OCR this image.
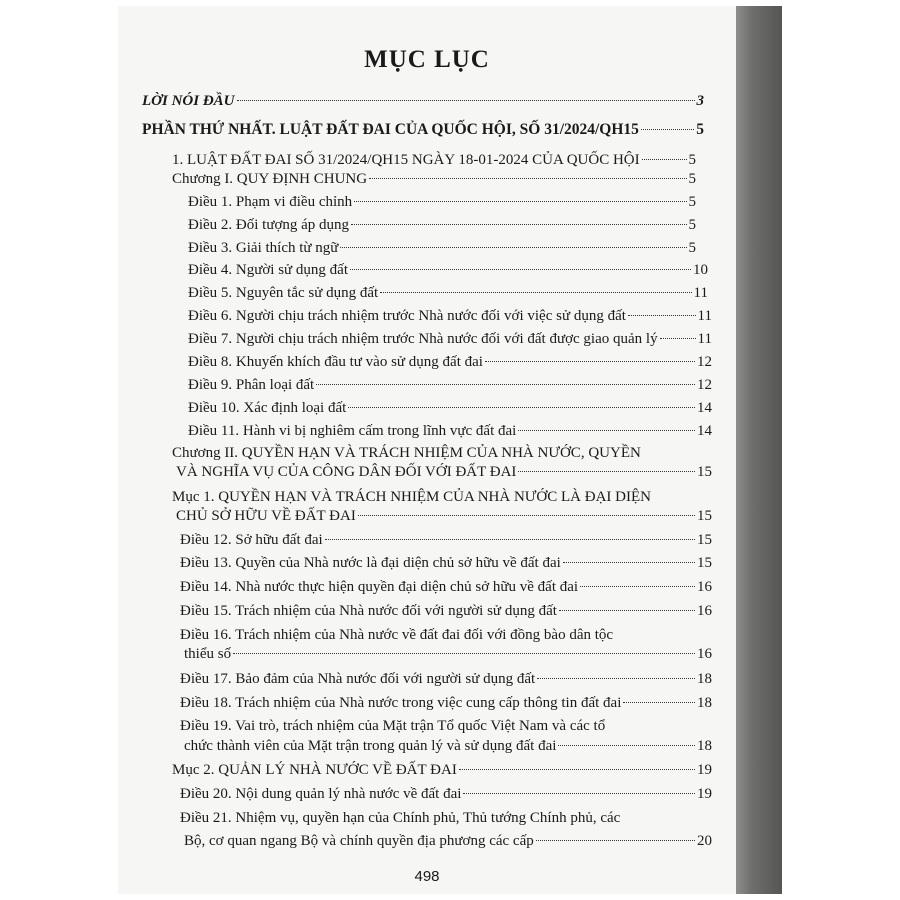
MỤC LỤC
LỜI NÓI ĐẦU	3
PHẦN THỨ NHẤT. LUẬT ĐẤT ĐAI CỦA QUỐC HỘI, SỐ 31/2024/QH15	5
1. LUẬT ĐẤT ĐAI SỐ 31/2024/QH15 NGÀY 18-01-2024 CỦA QUỐC HỘI	5
Chương I. QUY ĐỊNH CHUNG	5
Điều 1. Phạm vi điều chỉnh	5
Điều 2. Đối tượng áp dụng	5
Điều 3. Giải thích từ ngữ	5
Điều 4. Người sử dụng đất	10
Điều 5. Nguyên tắc sử dụng đất	11
Điều 6. Người chịu trách nhiệm trước Nhà nước đối với việc sử dụng đất	11
Điều 7. Người chịu trách nhiệm trước Nhà nước đối với đất được giao quản lý	11
Điều 8. Khuyến khích đầu tư vào sử dụng đất đai	12
Điều 9. Phân loại đất	12
Điều 10. Xác định loại đất	14
Điều 11. Hành vi bị nghiêm cấm trong lĩnh vực đất đai	14
Chương II. QUYỀN HẠN VÀ TRÁCH NHIỆM CỦA NHÀ NƯỚC, QUYỀN
VÀ NGHĨA VỤ CỦA CÔNG DÂN ĐỐI VỚI ĐẤT ĐAI	15
Mục 1. QUYỀN HẠN VÀ TRÁCH NHIỆM CỦA NHÀ NƯỚC LÀ ĐẠI DIỆN
CHỦ SỞ HỮU VỀ ĐẤT ĐAI	15
Điều 12. Sở hữu đất đai	15
Điều 13. Quyền của Nhà nước là đại diện chủ sở hữu về đất đai	15
Điều 14. Nhà nước thực hiện quyền đại diện chủ sở hữu về đất đai	16
Điều 15. Trách nhiệm của Nhà nước đối với người sử dụng đất	16
Điều 16. Trách nhiệm của Nhà nước về đất đai đối với đồng bào dân tộc
thiểu số	16
Điều 17. Bảo đảm của Nhà nước đối với người sử dụng đất	18
Điều 18. Trách nhiệm của Nhà nước trong việc cung cấp thông tin đất đai	18
Điều 19. Vai trò, trách nhiệm của Mặt trận Tổ quốc Việt Nam và các tổ
chức thành viên của Mặt trận trong quản lý và sử dụng đất đai	18
Mục 2. QUẢN LÝ NHÀ NƯỚC VỀ ĐẤT ĐAI	19
Điều 20. Nội dung quản lý nhà nước về đất đai	19
Điều 21. Nhiệm vụ, quyền hạn của Chính phủ, Thủ tướng Chính phủ, các
Bộ, cơ quan ngang Bộ và chính quyền địa phương các cấp	20
498
